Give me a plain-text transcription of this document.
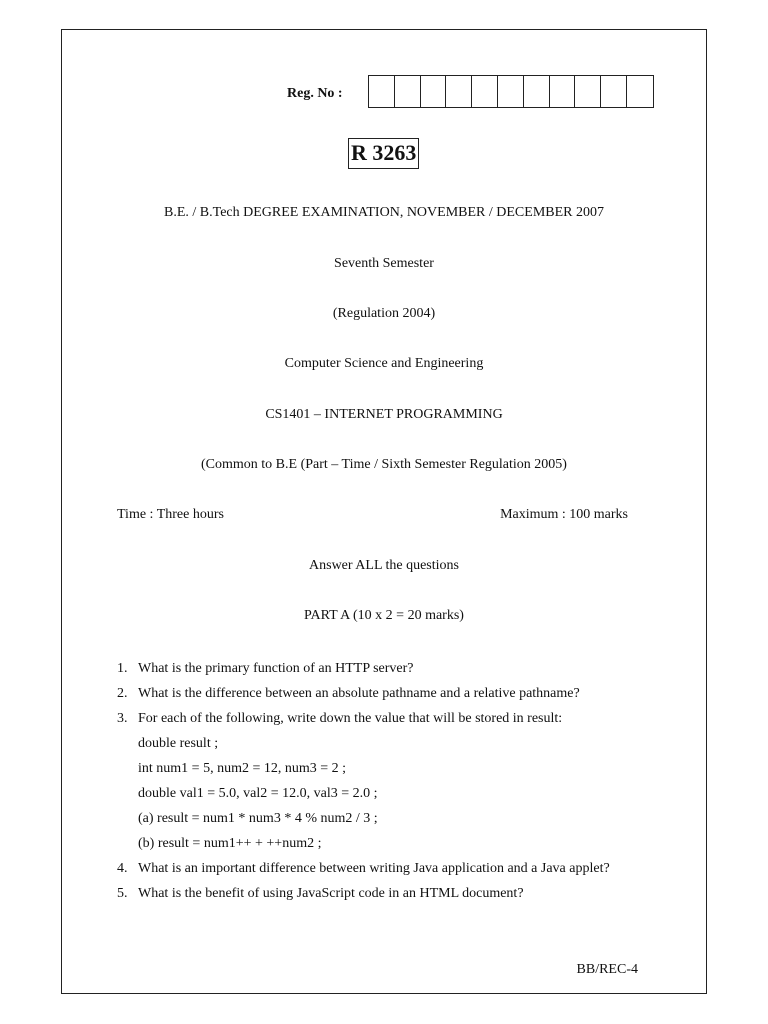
Reg. No :
R 3263
B.E. / B.Tech DEGREE EXAMINATION, NOVEMBER / DECEMBER 2007
Seventh Semester
(Regulation 2004)
Computer Science and Engineering
CS1401 – INTERNET PROGRAMMING
(Common to B.E (Part – Time / Sixth Semester Regulation 2005)
Time : Three hours	Maximum : 100 marks
Answer ALL the questions
PART A (10 x 2 = 20 marks)
1. What is the primary function of an HTTP server?
2. What is the difference between an absolute pathname and a relative pathname?
3. For each of the following, write down the value that will be stored in result:
double result ;
int num1 = 5, num2 = 12, num3 = 2 ;
double val1 = 5.0, val2 = 12.0, val3 = 2.0 ;
(a) result = num1 * num3 * 4 % num2 / 3 ;
(b) result = num1++ + ++num2 ;
4. What is an important difference between writing Java application and a Java applet?
5. What is the benefit of using JavaScript code in an HTML document?
BB/REC-4
